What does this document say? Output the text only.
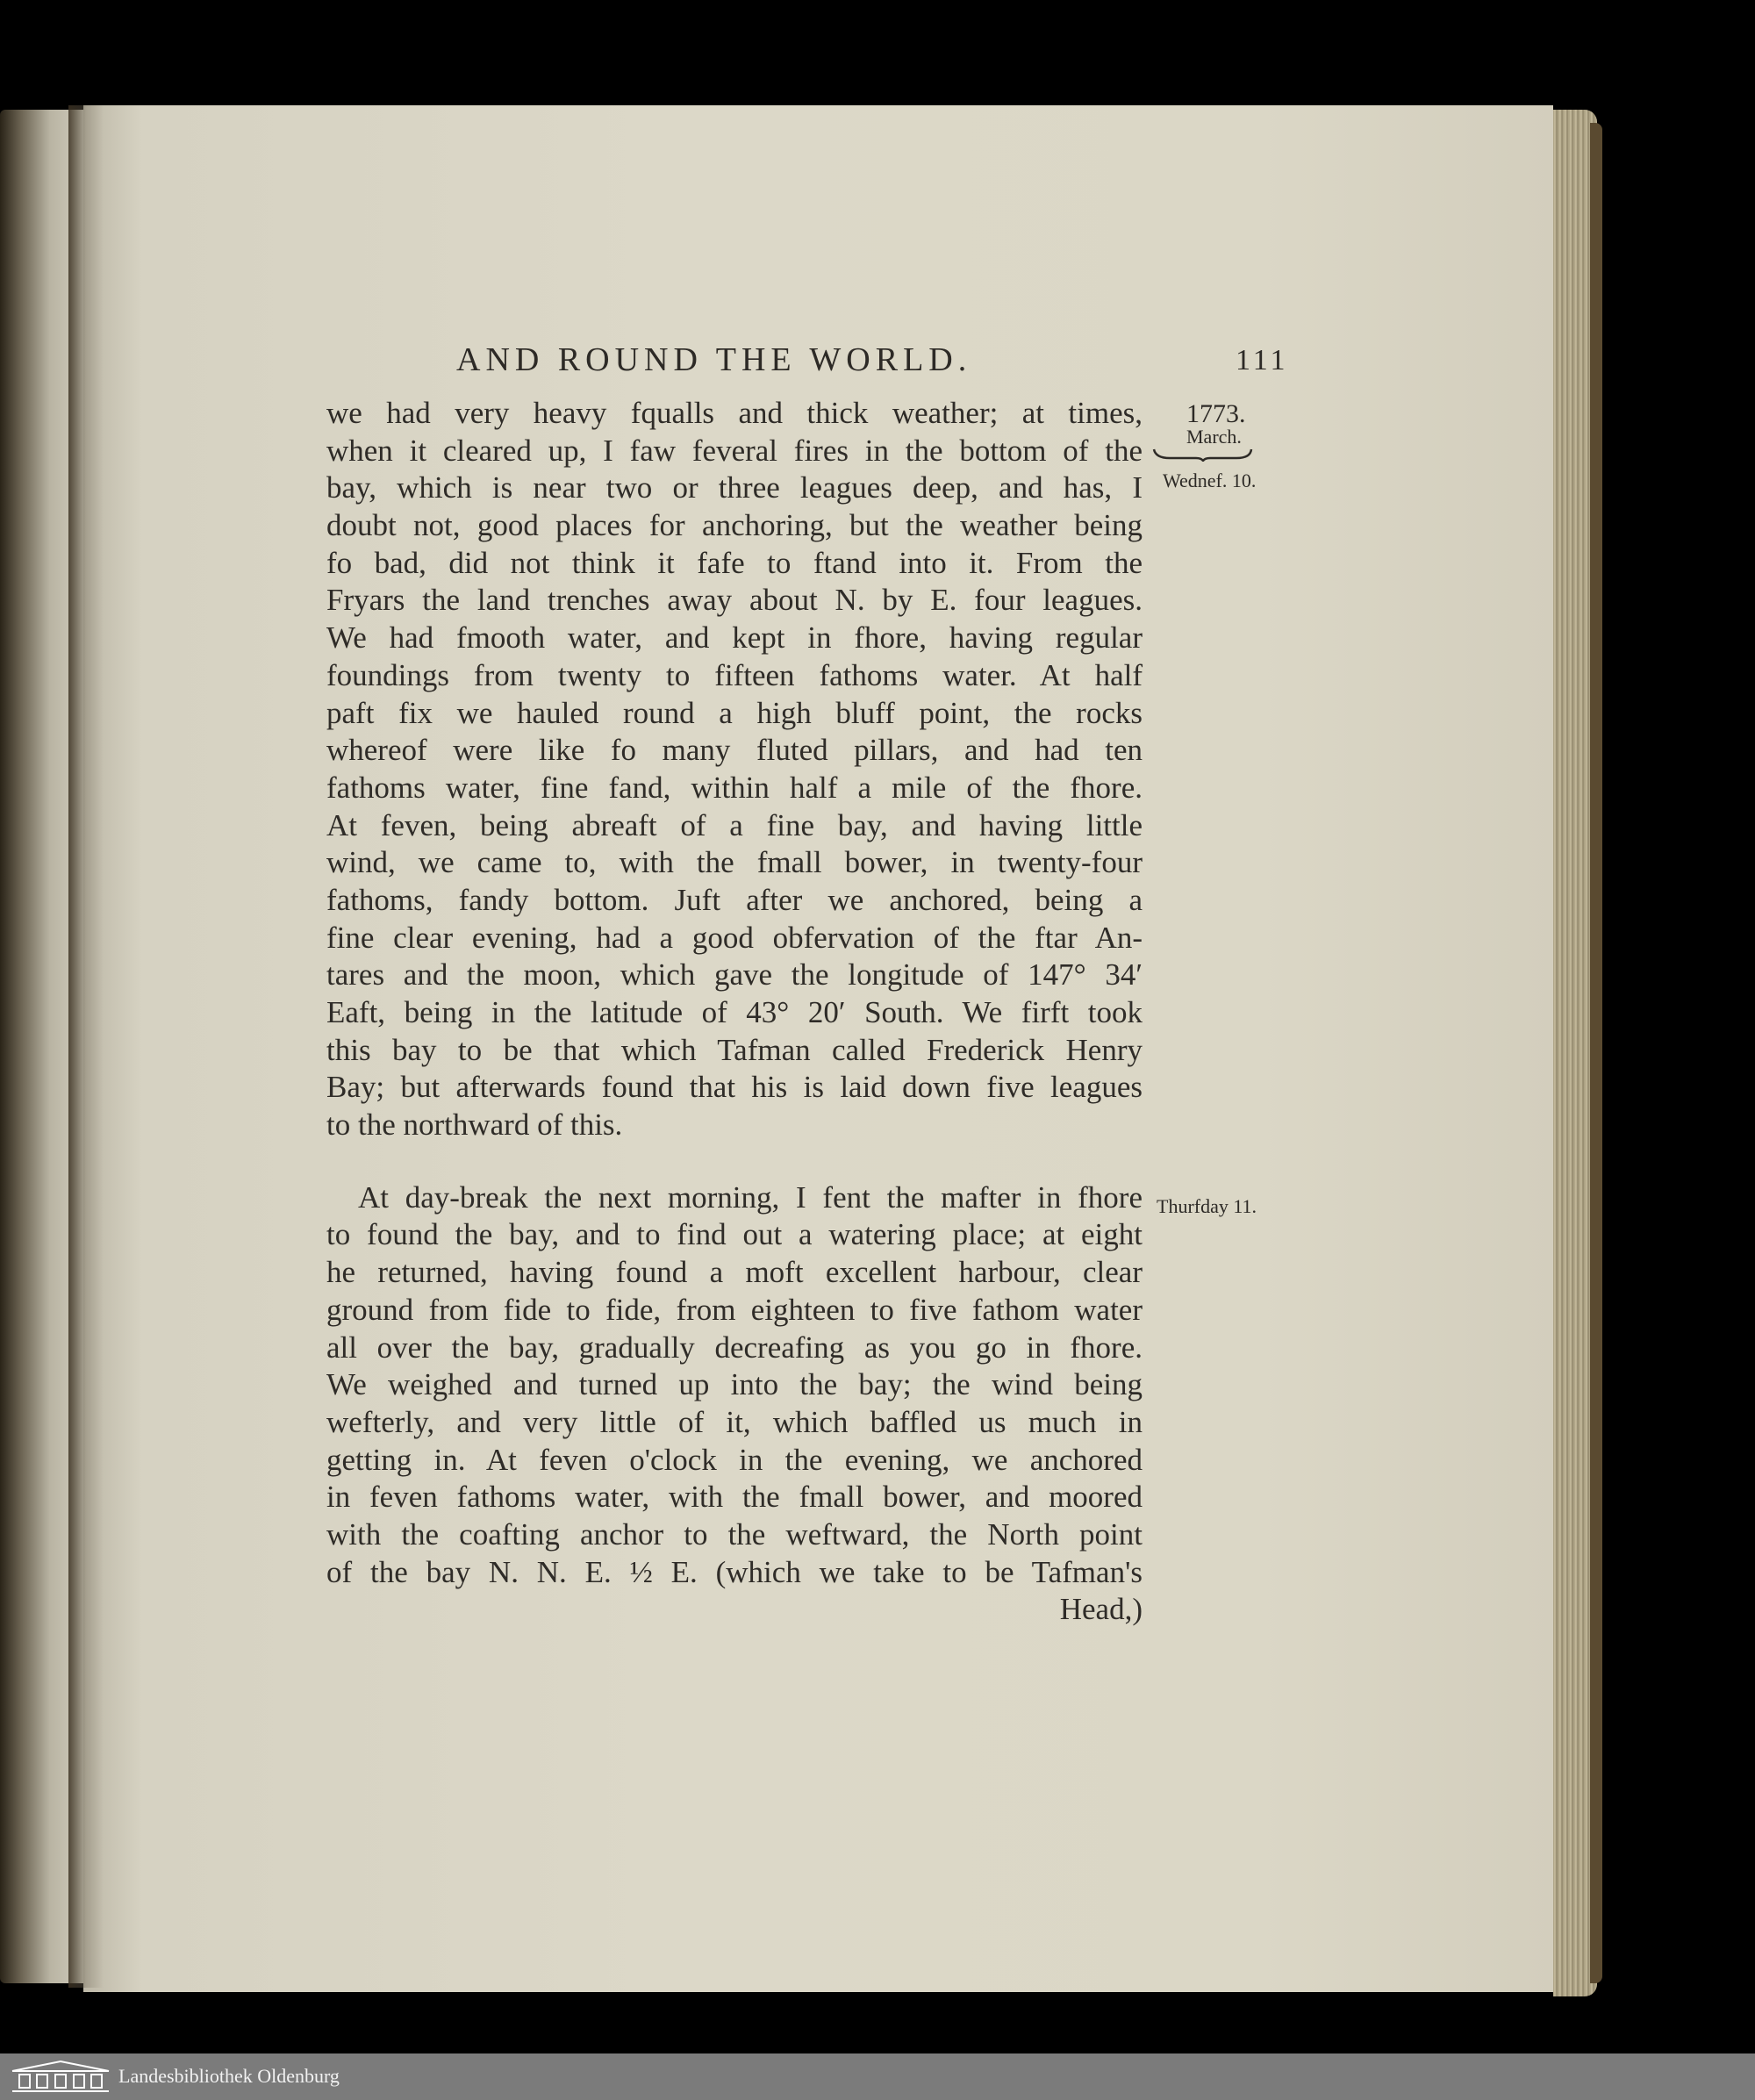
AND ROUND THE WORLD.	111
1773.
March.
Wednef. 10.
Thurfday 11.
we had very heavy fqualls and thick weather; at times,
when it cleared up, I faw feveral fires in the bottom of the
bay, which is near two or three leagues deep, and has, I
doubt not, good places for anchoring, but the weather being
fo bad, did not think it fafe to ftand into it. From the
Fryars the land trenches away about N. by E. four leagues.
We had fmooth water, and kept in fhore, having regular
foundings from twenty to fifteen fathoms water. At half
paft fix we hauled round a high bluff point, the rocks
whereof were like fo many fluted pillars, and had ten
fathoms water, fine fand, within half a mile of the fhore.
At feven, being abreaft of a fine bay, and having little
wind, we came to, with the fmall bower, in twenty-four
fathoms, fandy bottom. Juft after we anchored, being a
fine clear evening, had a good obfervation of the ftar An-
tares and the moon, which gave the longitude of 147° 34′
Eaft, being in the latitude of 43° 20′ South. We firft took
this bay to be that which Tafman called Frederick Henry
Bay; but afterwards found that his is laid down five leagues
to the northward of this.
At day-break the next morning, I fent the mafter in fhore
to found the bay, and to find out a watering place; at eight
he returned, having found a moft excellent harbour, clear
ground from fide to fide, from eighteen to five fathom water
all over the bay, gradually decreafing as you go in fhore.
We weighed and turned up into the bay; the wind being
wefterly, and very little of it, which baffled us much in
getting in. At feven o'clock in the evening, we anchored
in feven fathoms water, with the fmall bower, and moored
with the coafting anchor to the weftward, the North point
of the bay N. N. E. ½ E. (which we take to be Tafman's
Head,)
Landesbibliothek Oldenburg
